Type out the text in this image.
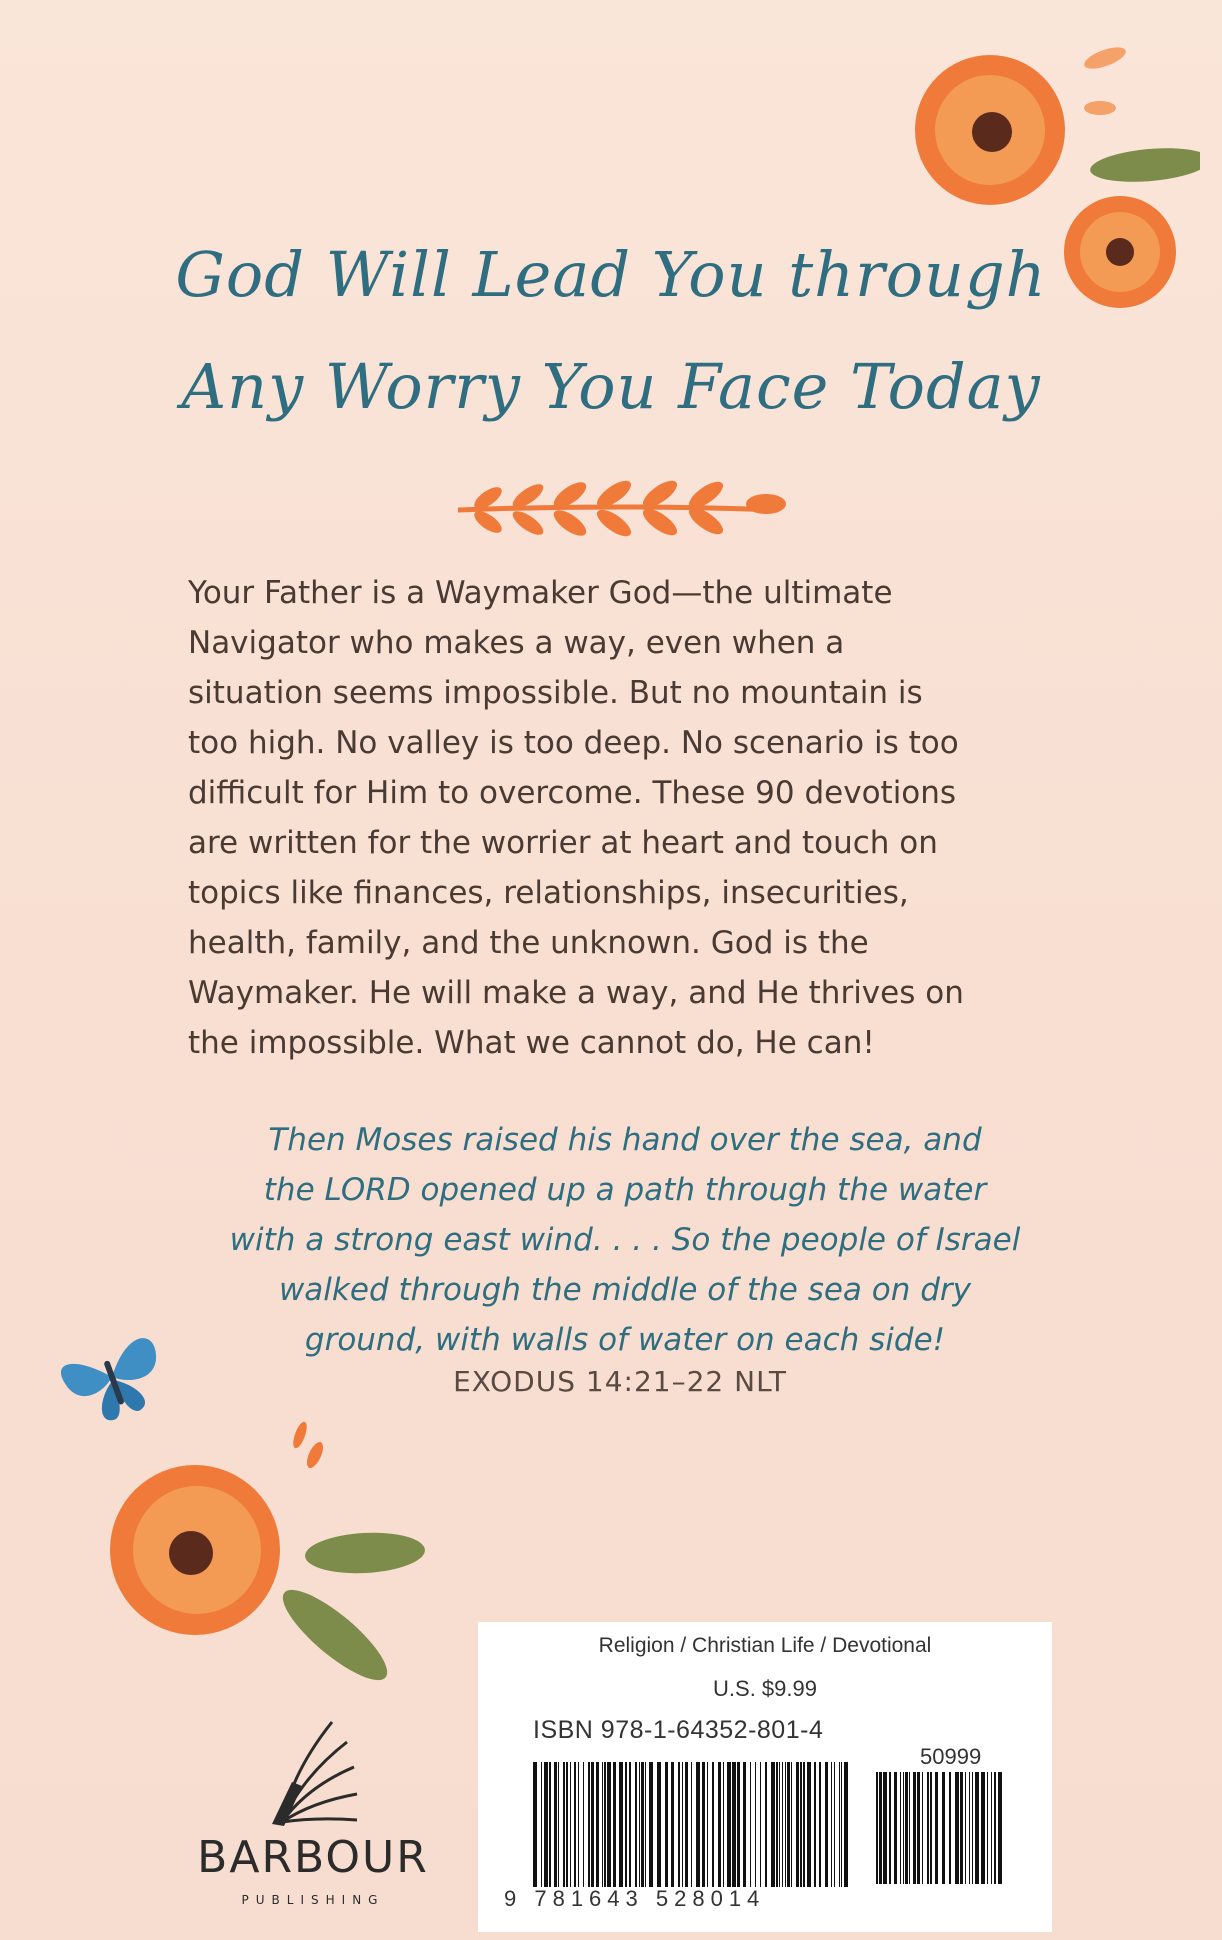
God Will Lead You through
Any Worry You Face Today
Your Father is a Waymaker God—the ultimate
Navigator who makes a way, even when a
situation seems impossible. But no mountain is
too high. No valley is too deep. No scenario is too
difficult for Him to overcome. These 90 devotions
are written for the worrier at heart and touch on
topics like finances, relationships, insecurities,
health, family, and the unknown. God is the
Waymaker. He will make a way, and He thrives on
the impossible. What we cannot do, He can!
Then Moses raised his hand over the sea, and
the LORD opened up a path through the water
with a strong east wind. . . . So the people of Israel
walked through the middle of the sea on dry
ground, with walls of water on each side!
EXODUS 14:21–22 NLT
BARBOUR
PUBLISHING
Religion / Christian Life / Devotional
U.S. $9.99
ISBN 978-1-64352-801-4
50999
9 781643 528014
